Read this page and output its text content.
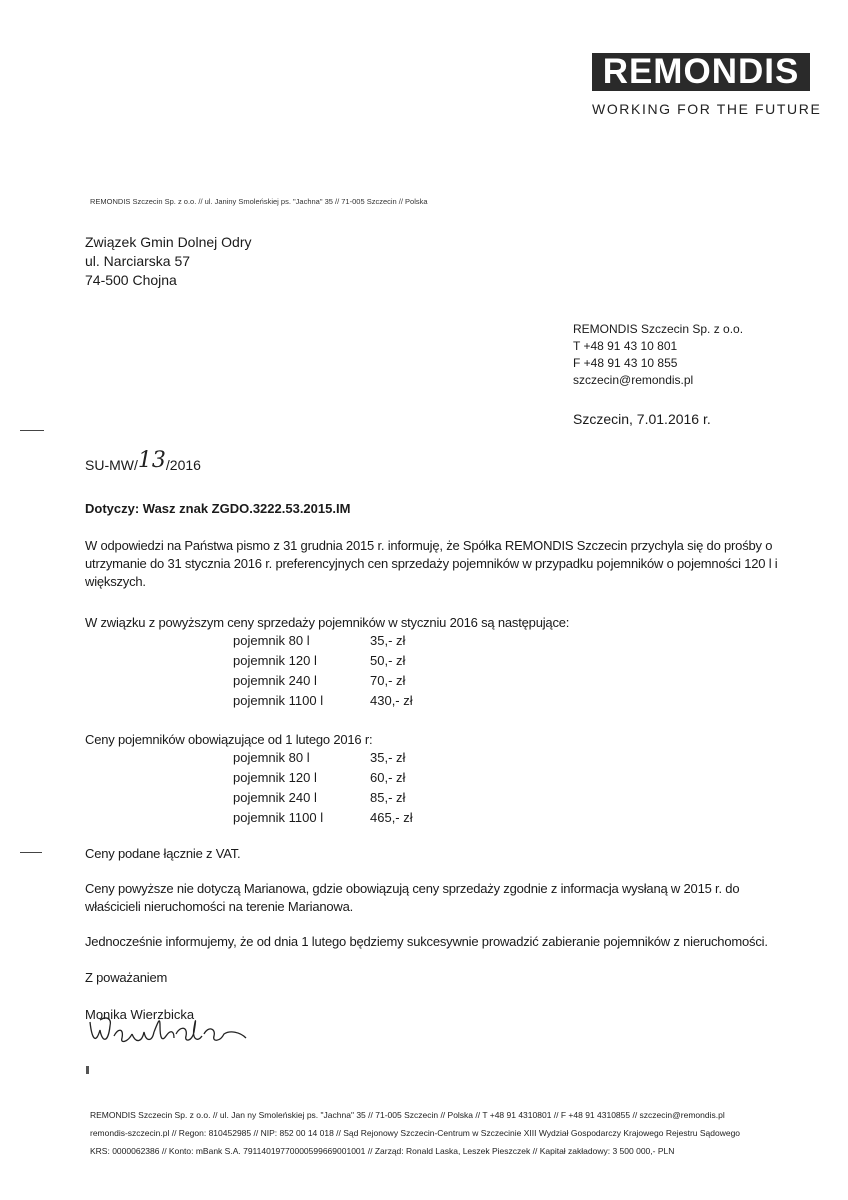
REMONDIS
WORKING FOR THE FUTURE
REMONDIS Szczecin Sp. z o.o. // ul. Janiny Smoleńskiej ps. "Jachna" 35 // 71-005 Szczecin // Polska
Związek Gmin Dolnej Odry
ul. Narciarska 57
74-500 Chojna
REMONDIS Szczecin Sp. z o.o.
T +48 91 43 10 801
F +48 91 43 10 855
szczecin@remondis.pl
Szczecin, 7.01.2016 r.
SU-MW/13/2016
Dotyczy: Wasz znak ZGDO.3222.53.2015.IM
W odpowiedzi na Państwa pismo z 31 grudnia 2015 r. informuję, że Spółka REMONDIS Szczecin przychyla się do prośby o utrzymanie do 31 stycznia 2016 r. preferencyjnych cen sprzedaży pojemników w przypadku pojemników o pojemności 120 l i większych.
W związku z powyższym ceny sprzedaży pojemników w styczniu 2016 są następujące:
pojemnik 80 l	35,- zł
pojemnik 120 l	50,- zł
pojemnik 240 l	70,- zł
pojemnik 1100 l	430,- zł
Ceny pojemników obowiązujące od 1 lutego 2016 r:
pojemnik 80 l	35,- zł
pojemnik 120 l	60,- zł
pojemnik 240 l	85,- zł
pojemnik 1100 l	465,- zł
Ceny podane łącznie z VAT.
Ceny powyższe nie dotyczą Marianowa, gdzie obowiązują ceny sprzedaży zgodnie z informacja wysłaną w 2015 r. do właścicieli nieruchomości na terenie Marianowa.
Jednocześnie informujemy, że od dnia 1 lutego będziemy sukcesywnie prowadzić zabieranie pojemników z nieruchomości.
Z poważaniem
Monika Wierzbicka
REMONDIS Szczecin Sp. z o.o. // ul. Jan ny Smoleńskiej ps. "Jachna" 35 // 71-005 Szczecin // Polska // T +48 91 4310801 // F +48 91 4310855 // szczecin@remondis.pl
remondis-szczecin.pl // Regon: 810452985 // NIP: 852 00 14 018 // Sąd Rejonowy Szczecin-Centrum w Szczecinie XIII Wydział Gospodarczy Krajowego Rejestru Sądowego
KRS: 0000062386 // Konto: mBank S.A. 79114019770000599669001001 // Zarząd: Ronald Laska, Leszek Pieszczek // Kapitał zakładowy: 3 500 000,- PLN
